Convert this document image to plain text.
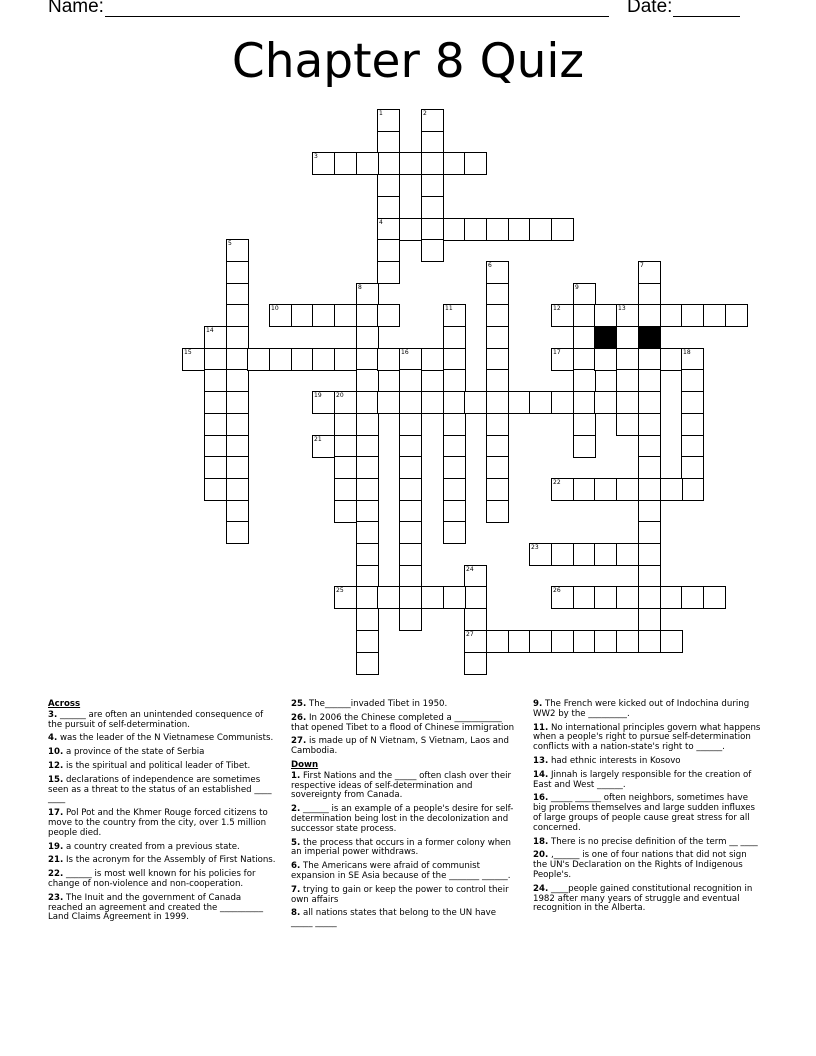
Name:	Date:
Chapter 8 Quiz
1
4
2
3
5
6	7
8	9
10	11	12	13
14
15	16	17	18
19 20
21
22
23
24
27
25	26
Across
3. ______ are often an unintended consequence of the pursuit of self-determination.
4. was the leader of the N Vietnamese Communists.
10. a province of the state of Serbia
12. is the spiritual and political leader of Tibet.
15. declarations of independence are sometimes seen as a threat to the status of an established ____ ____
17. Pol Pot and the Khmer Rouge forced citizens to move to the country from the city, over 1.5 million people died.
19. a country created from a previous state.
21. Is the acronym for the Assembly of First Nations.
22. ______ is most well known for his policies for change of non-violence and non-cooperation.
23. The Inuit and the government of Canada reached an agreement and created the __________ Land Claims Agreement in 1999.
25. The______invaded Tibet in 1950.
26. In 2006 the Chinese completed a ___________ that opened Tibet to a flood of Chinese immigration
27. is made up of N Vietnam, S Vietnam, Laos and Cambodia.
Down
1. First Nations and the _____ often clash over their respective ideas of self-determination and sovereignty from Canada.
2. ______ is an example of a people's desire for self-determination being lost in the decolonization and successor state process.
5. the process that occurs in a former colony when an imperial power withdraws.
6. The Americans were afraid of communist expansion in SE Asia because of the _______ ______.
7. trying to gain or keep the power to control their own affairs
8. all nations states that belong to the UN have _____ _____
9. The French were kicked out of Indochina during WW2 by the _________.
11. No international principles govern what happens when a people's right to pursue self-determination conflicts with a nation-state's right to ______.
13. had ethnic interests in Kosovo
14. Jinnah is largely responsible for the creation of East and West ______.
16. _____ ______ often neighbors, sometimes have big problems themselves and large sudden influxes of large groups of people cause great stress for all concerned.
18. There is no precise definition of the term __ ____
20. ,______ is one of four nations that did not sign the UN's Declaration on the Rights of Indigenous People's.
24. ____people gained constitutional recognition in 1982 after many years of struggle and eventual recognition in the Alberta.
